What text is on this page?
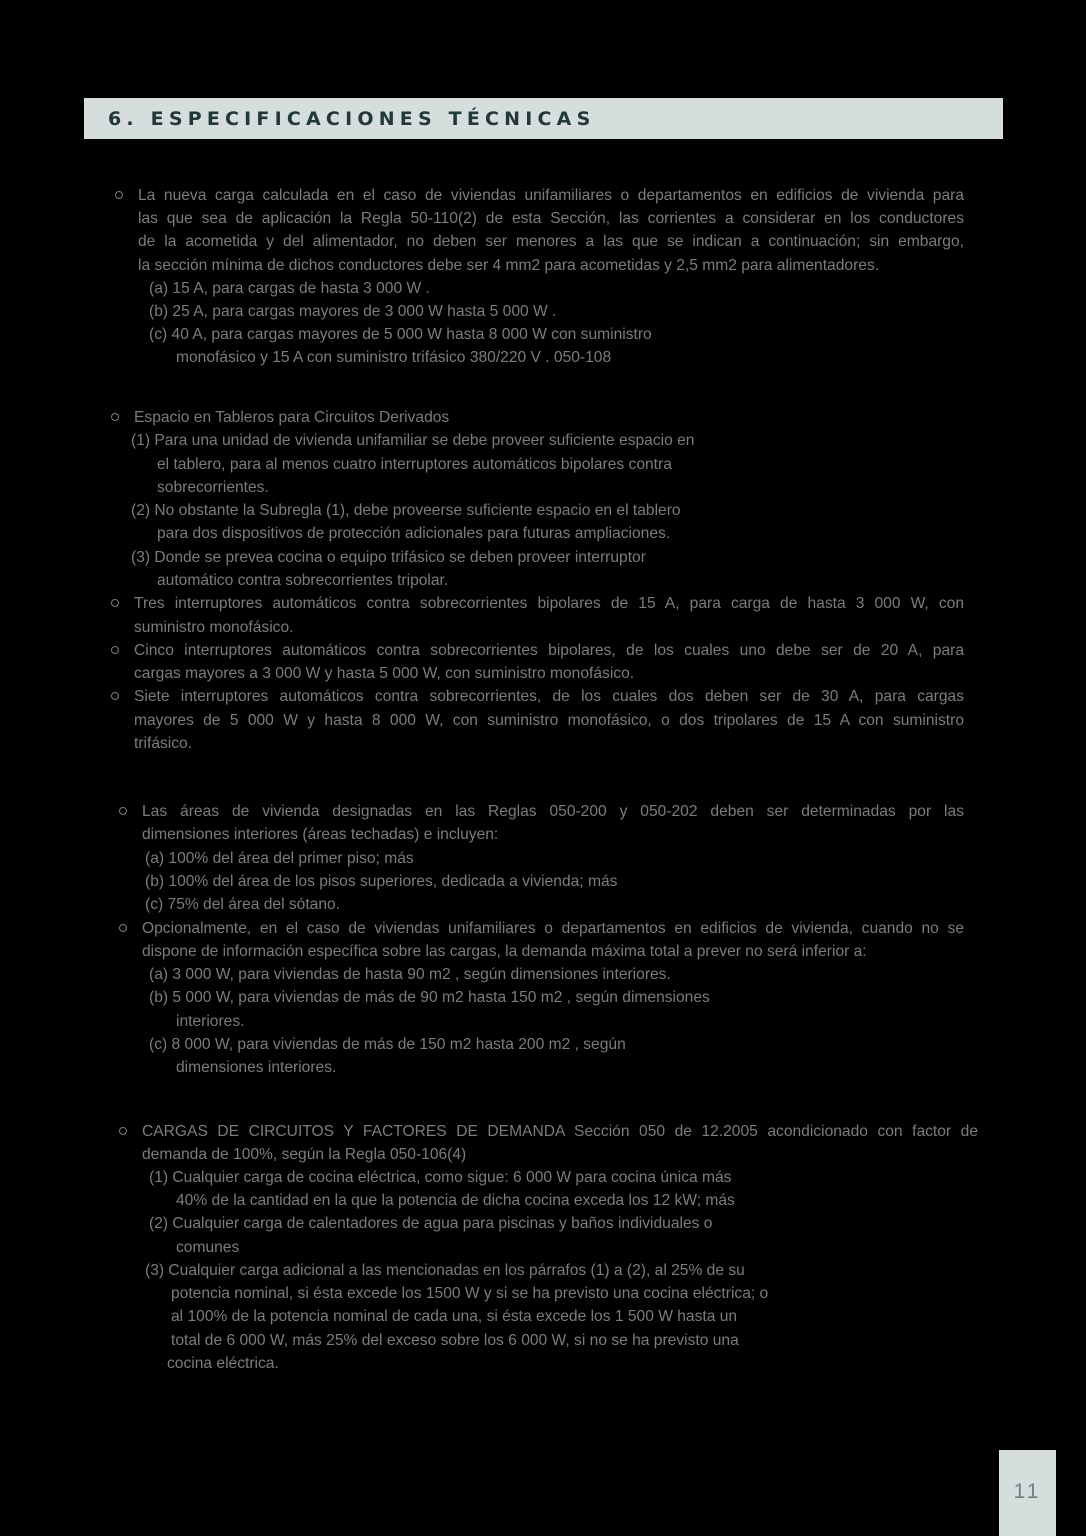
6. ESPECIFICACIONES TÉCNICAS
La nueva carga calculada en el caso de viviendas unifamiliares o departamentos en edificios de vivienda para
las que sea de aplicación la Regla 50-110(2) de esta Sección, las corrientes a considerar en los conductores
de la acometida y del alimentador, no deben ser menores a las que se indican a continuación; sin embargo,
la sección mínima de dichos conductores debe ser 4 mm2 para acometidas y 2,5 mm2 para alimentadores.
(a) 15 A, para cargas de hasta 3 000 W .
(b) 25 A, para cargas mayores de 3 000 W hasta 5 000 W .
(c) 40 A, para cargas mayores de 5 000 W hasta 8 000 W con suministro
monofásico y 15 A con suministro trifásico 380/220 V . 050-108
Espacio en Tableros para Circuitos Derivados
(1) Para una unidad de vivienda unifamiliar se debe proveer suficiente espacio en
el tablero, para al menos cuatro interruptores automáticos bipolares contra
sobrecorrientes.
(2) No obstante la Subregla (1), debe proveerse suficiente espacio en el tablero
para dos dispositivos de protección adicionales para futuras ampliaciones.
(3) Donde se prevea cocina o equipo trifásico se deben proveer interruptor
automático contra sobrecorrientes tripolar.
Tres interruptores automáticos contra sobrecorrientes bipolares de 15 A, para carga de hasta 3 000 W, con
suministro monofásico.
Cinco interruptores automáticos contra sobrecorrientes bipolares, de los cuales uno debe ser de 20 A, para
cargas mayores a 3 000 W y hasta 5 000 W, con suministro monofásico.
Siete interruptores automáticos contra sobrecorrientes, de los cuales dos deben ser de 30 A, para cargas
mayores de 5 000 W y hasta 8 000 W, con suministro monofásico, o dos tripolares de 15 A con suministro
trifásico.
Las áreas de vivienda designadas en las Reglas 050-200 y 050-202 deben ser determinadas por las
dimensiones interiores (áreas techadas) e incluyen:
(a) 100% del área del primer piso; más
(b) 100% del área de los pisos superiores, dedicada a vivienda; más
(c) 75% del área del sótano.
Opcionalmente, en el caso de viviendas unifamiliares o departamentos en edificios de vivienda, cuando no se
dispone de información específica sobre las cargas, la demanda máxima total a prever no será inferior a:
(a) 3 000 W, para viviendas de hasta 90 m2 , según dimensiones interiores.
(b) 5 000 W, para viviendas de más de 90 m2 hasta 150 m2 , según dimensiones
interiores.
(c) 8 000 W, para viviendas de más de 150 m2 hasta 200 m2 , según
dimensiones interiores.
CARGAS DE CIRCUITOS Y FACTORES DE DEMANDA Sección 050 de 12.2005 acondicionado con factor de
demanda de 100%, según la Regla 050-106(4)
(1) Cualquier carga de cocina eléctrica, como sigue: 6 000 W para cocina única más
40% de la cantidad en la que la potencia de dicha cocina exceda los 12 kW; más
(2) Cualquier carga de calentadores de agua para piscinas y baños individuales o
comunes
(3) Cualquier carga adicional a las mencionadas en los párrafos (1) a (2), al 25% de su
potencia nominal, si ésta excede los 1500 W y si se ha previsto una cocina eléctrica; o
al 100% de la potencia nominal de cada una, si ésta excede los 1 500 W hasta un
total de 6 000 W, más 25% del exceso sobre los 6 000 W, si no se ha previsto una
cocina eléctrica.
11
